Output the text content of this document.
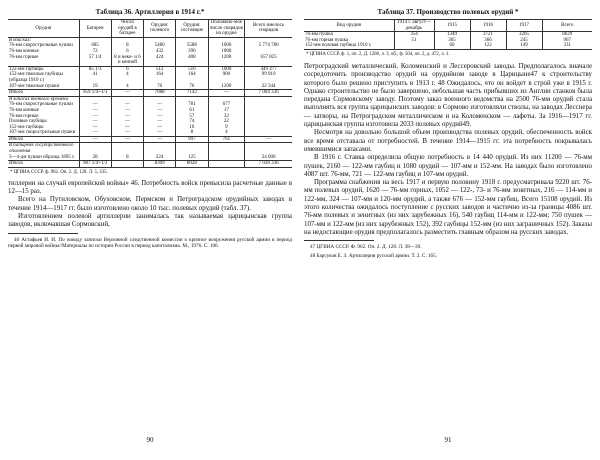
Таблица 36. Артиллерия в 1914 г.*
Орудия	Батареи	Число орудий в батарее	Орудия: полевого	Орудия: состоящие	Положено-мое число снарядов на орудие	Всего имелось снарядов
В войсках:						
76-мм скорострельные пушки	685	8	5480	5588	1000	5 774 780
76-мм конные	72	6	432	390	1000	
76-мм горные	57 1/4	8 и неко- и 6 и конной	424	408	1200	657 825
122-мм гаубицы	85 1/3	6	512	516	1000	449 477
152-мм тяжелые гаубицы (образца 1910 г.)	41	4	164	164	900	99 910
107-мм тяжелые пушки	19	4	76	76	1200	22 344
Итого	959 1/4+1/3	—	7088	7142	—	7 004 336
В запасах военного времени						
76-мм скорострельные пушки	—	—	—	781	677	
76-мм конные	—	—	—	61	17	
76-мм горные	—	—	—	57	32	
Полевые гаубицы	—	—	—	74	22	
152-мм гаубицы	—	—	—	16	9	
107-мм скорострельные пушки	—	—	—	8	4	
Итого	—	—	—	997	761	—
В батареях государственного ополчения						
3—4-дм пушки образца 1895 г.	28	8	224	125		24 000
Итого	987 1/4+1/3		8309	8028		7 028 336
* ЦГВИА СССР. ф. 962. Оп. 2. Д. 128. Л. 5, 335.

тиллерии на случай европейской войны» 46. Потребность войск превысила расчетные данные в 12—15 раз.

Всего на Путиловском, Обуховском, Пермском и Петроградском орудийных заводах в течение 1914—1917 гг. было изготовлено около 10 тыс. полевых орудий (табл. 37).

Изготовлением полевой артиллерии занималась так называемая царицынская группа заводов, включавшая Сормовский,

46 Астафьев И. И. По поводу записки Верховной следственной комиссии о кризисе вооружения русской армии в период первой мировой войны//Материалы по истории России в период капитализма. М., 1976. С. 106.

90
Таблица 37. Производство полевых орудий *
Вид орудия	1914 г. август—декабрь	1915	1916	1917	Всего
76-мм пушка	354	1349	3721	3205	8629
76-мм горная пушка	51	305	366	245	967
152-мм полевая гаубица 1910 г.		60	122	149	331
* ЦГВИА СССР. ф. 1, оп. 2, Д. 1208, л. 3, об.; ф. 504, оп. 2, д. 472, л. 1.

Петроградский металлический, Коломенский и Лессеровский заводы. Предполагалось вначале сосредоточить производство орудий на орудийном заводе в Царицыне47 к строительству которого было решено приступить в 1913 г. 48 Ожидалось, что он войдет в строй уже в 1915 г. Однако строительство не было завершено, небольшая часть прибывших из Англии станков была передана Сормовскому заводу. Поэтому заказ военного ведомства на 2500 76-мм орудий стала выполнять вся группа царицынских заводов: в Сормово изготовляли стволы, на заводах Лесснера — затворы, на Петроградском металлическом и на Коломенском — лафеты. За 1916—1917 гг. царицынская группа изготовила 2033 полевых орудий49.

Несмотря на довольно большой объем производства полевых орудий, обеспеченность войск все время отставала от потребностей. В течение 1914—1915 гг. эта потребность покрывалась имевшимися запасами.

В 1916 г. Ставка определила общую потребность в 14 440 орудий. Из них 11200 — 76-мм пушек, 2160 — 122-мм гаубиц и 1080 орудий — 107-мм и 152-мм. На заводах было изготовлено 4087 шт. 76-мм, 721 — 122-мм гаубиц и 107-мм орудий.

Программа снабжения на весь 1917 и первую половину 1918 г. предусматривала 9220 шт. 76-мм полевых орудий, 1620 — 76-мм горных, 1052 — 122-, 73- и 76-мм зенитных, 216 — 114-мм и 122-мм, 324 — 107-мм и 120-мм орудий, а также 676 — 152-мм гаубиц. Всего 15108 орудий. Из этого количества ожидалось поступление с русских заводов и частично из-за границы 4086 шт. 76-мм полевых и зенитных (из них зарубежных 16), 540 гаубиц 114-мм и 122-мм; 750 пушек — 107-мм и 122-мм (из них зарубежных 152), 392 гаубицы 152-мм (из них заграничных 152). Заказы на недостающие орудия предполагалось разместить главным образом на русских заводах.

47 ЦГВИА СССР. Ф. 962. Оп. 2. Д. 128. Л. 38—39.

48 Барсуков Е. З. Артиллерия русской армии. Т. 2. С. 165.

91
